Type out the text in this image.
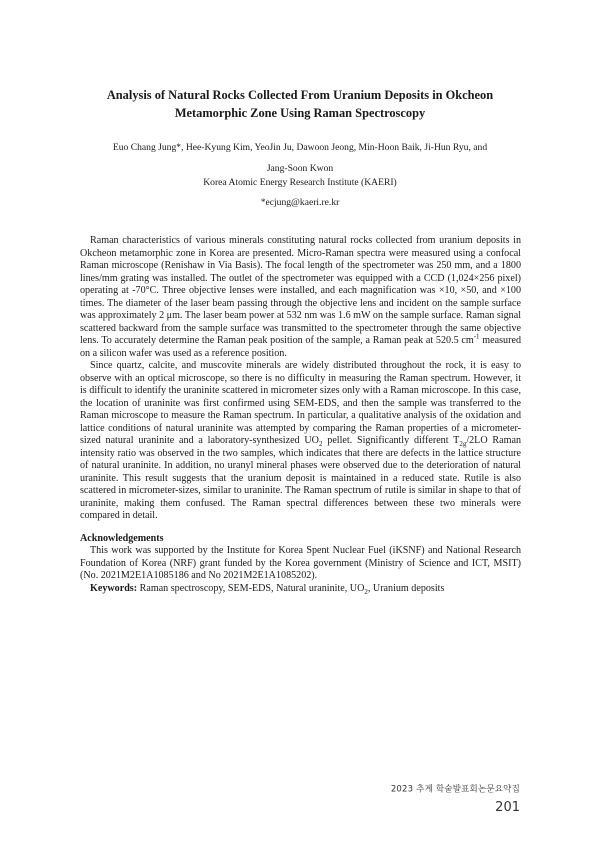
Analysis of Natural Rocks Collected From Uranium Deposits in Okcheon
Metamorphic Zone Using Raman Spectroscopy
Euo Chang Jung*, Hee-Kyung Kim, YeoJin Ju, Dawoon Jeong, Min-Hoon Baik, Ji-Hun Ryu, and
Jang-Soon Kwon
Korea Atomic Energy Research Institute (KAERI)
*ecjung@kaeri.re.kr

Raman characteristics of various minerals constituting natural rocks collected from uranium deposits in Okcheon metamorphic zone in Korea are presented. Micro-Raman spectra were measured using a confocal Raman microscope (Renishaw in Via Basis). The focal length of the spectrometer was 250 mm, and a 1800 lines/mm grating was installed. The outlet of the spectrometer was equipped with a CCD (1,024×256 pixel) operating at -70°C. Three objective lenses were installed, and each magnification was ×10, ×50, and ×100 times. The diameter of the laser beam passing through the objective lens and incident on the sample surface was approximately 2 μm. The laser beam power at 532 nm was 1.6 mW on the sample surface. Raman signal scattered backward from the sample surface was transmitted to the spectrometer through the same objective lens. To accurately determine the Raman peak position of the sample, a Raman peak at 520.5 $cm^{-1}$ measured on a silicon wafer was used as a reference position.

Since quartz, calcite, and muscovite minerals are widely distributed throughout the rock, it is easy to observe with an optical microscope, so there is no difficulty in measuring the Raman spectrum. However, it is difficult to identify the uraninite scattered in micrometer sizes only with a Raman microscope. In this case, the location of uraninite was first confirmed using SEM-EDS, and then the sample was transferred to the Raman microscope to measure the Raman spectrum. In particular, a qualitative analysis of the oxidation and lattice conditions of natural uraninite was attempted by comparing the Raman properties of a micrometer-sized natural uraninite and a laboratory-synthesized $UO_2$ pellet. Significantly different $T_{2g}/2LO$ Raman intensity ratio was observed in the two samples, which indicates that there are defects in the lattice structure of natural uraninite. In addition, no uranyl mineral phases were observed due to the deterioration of natural uraninite. This result suggests that the uranium deposit is maintained in a reduced state. Rutile is also scattered in micrometer-sizes, similar to uraninite. The Raman spectrum of rutile is similar in shape to that of uraninite, making them confused. The Raman spectral differences between these two minerals were compared in detail.

Acknowledgements

This work was supported by the Institute for Korea Spent Nuclear Fuel (iKSNF) and National Research Foundation of Korea (NRF) grant funded by the Korea government (Ministry of Science and ICT, MSIT) (No. 2021M2E1A1085186 and No 2021M2E1A1085202).

Keywords: Raman spectroscopy, SEM-EDS, Natural uraninite, $UO_2$, Uranium deposits

2023 추계 학술발표회논문요약집201
